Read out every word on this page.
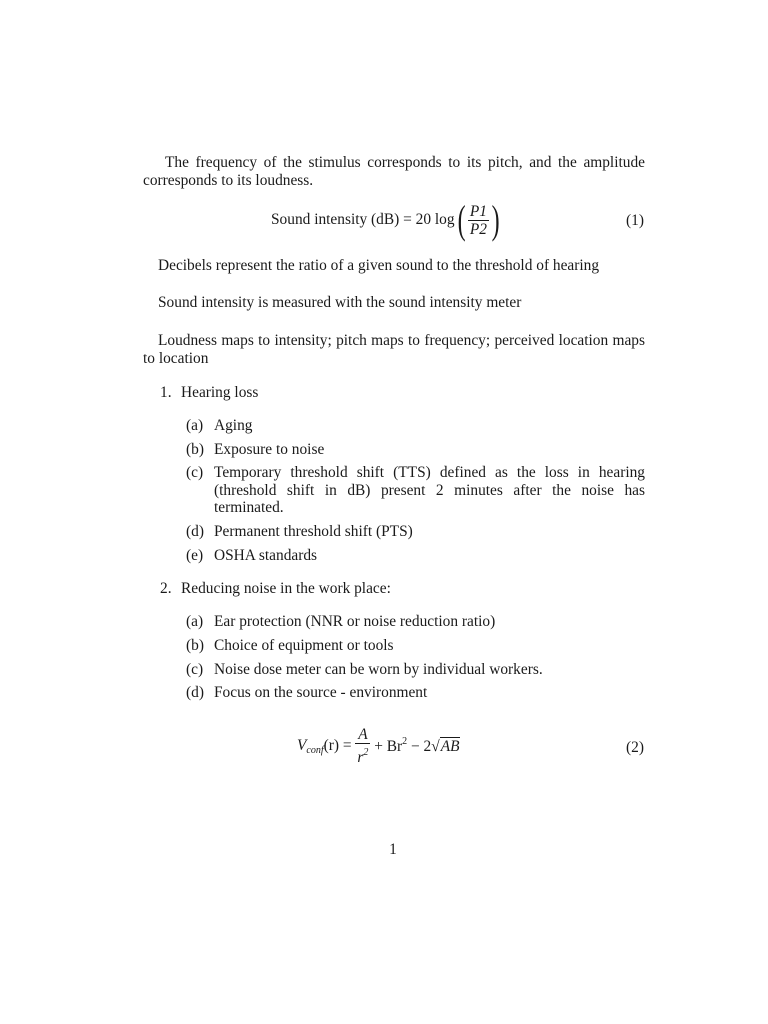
The frequency of the stimulus corresponds to its pitch, and the amplitude corresponds to its loudness.
Sound intensity (dB) = 20 $\log( \frac{P1}{P2}$ )	(1)
Decibels represent the ratio of a given sound to the threshold of hearing
Sound intensity is measured with the sound intensity meter
Loudness maps to intensity; pitch maps to frequency; perceived location maps to location
1. Hearing loss
(a) Aging
(b) Exposure to noise
(c) Temporary threshold shift (TTS) defined as the loss in hearing (threshold shift in dB) present 2 minutes after the noise has terminated.
(d) Permanent threshold shift (PTS)
(e) OSHA standards
2. Reducing noise in the work place:
(a) Ear protection (NNR or noise reduction ratio)
(b) Choice of equipment or tools
(c) Noise dose meter can be worn by individual workers.
(d) Focus on the source - environment
Vconf(r) = $\frac{A}{r^2} + Br^2 - 2√AB$	(2)
1
